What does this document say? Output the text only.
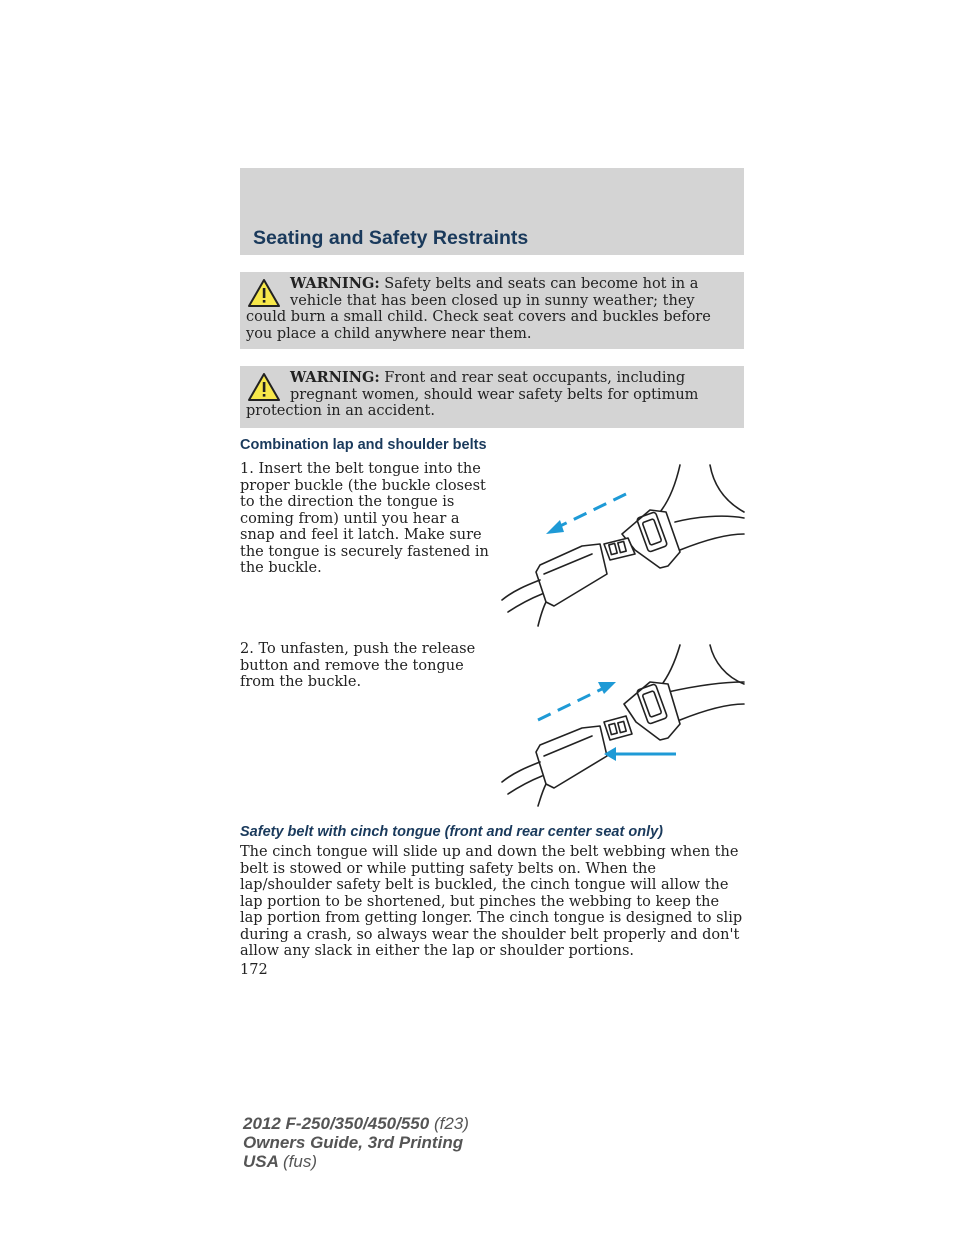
Seating and Safety Restraints
WARNING: Safety belts and seats can become hot in a vehicle that has been closed up in sunny weather; they could burn a small child. Check seat covers and buckles before you place a child anywhere near them.
WARNING: Front and rear seat occupants, including pregnant women, should wear safety belts for optimum protection in an accident.
Combination lap and shoulder belts

1. Insert the belt tongue into the proper buckle (the buckle closest to the direction the tongue is coming from) until you hear a snap and feel it latch. Make sure the tongue is securely fastened in the buckle.

2. To unfasten, push the release button and remove the tongue from the buckle.

Safety belt with cinch tongue (front and rear center seat only)

The cinch tongue will slide up and down the belt webbing when the belt is stowed or while putting safety belts on. When the lap/shoulder safety belt is buckled, the cinch tongue will allow the lap portion to be shortened, but pinches the webbing to keep the lap portion from getting longer. The cinch tongue is designed to slip during a crash, so always wear the shoulder belt properly and don't allow any slack in either the lap or shoulder portions.

172
2012 F-250/350/450/550 (f23)
Owners Guide, 3rd Printing
USA (fus)
